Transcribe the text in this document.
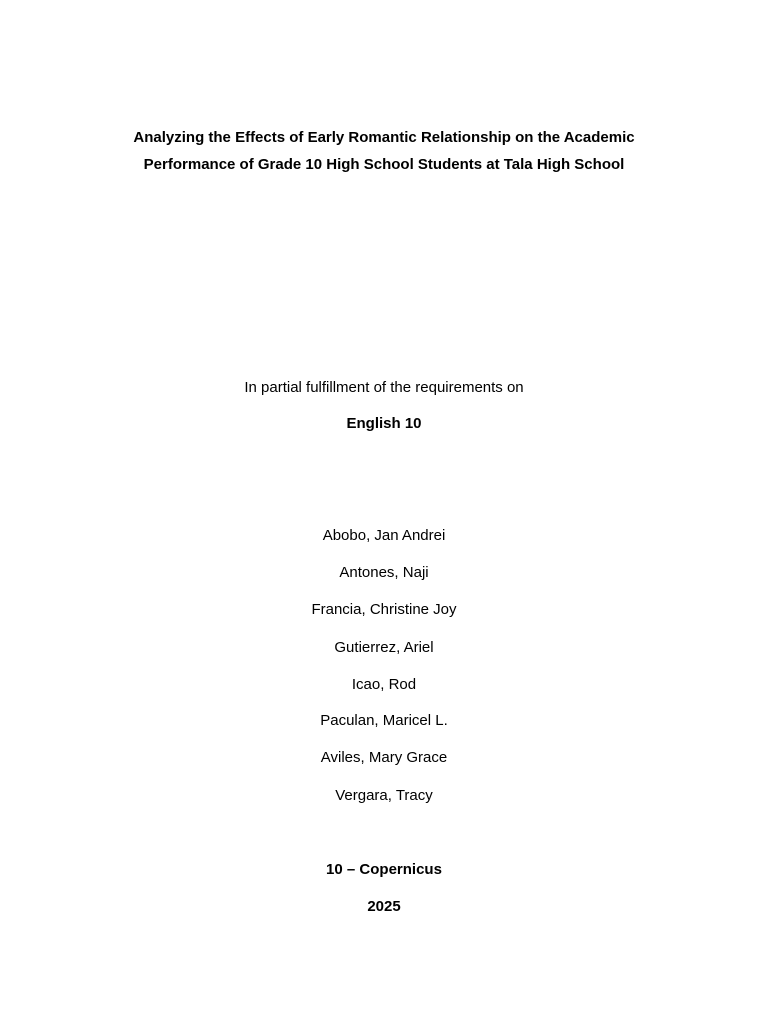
Analyzing the Effects of Early Romantic Relationship on the Academic
Performance of Grade 10 High School Students at Tala High School
In partial fulfillment of the requirements on
English 10
Abobo, Jan Andrei
Antones, Naji
Francia, Christine Joy
Gutierrez, Ariel
Icao, Rod
Paculan, Maricel L.
Aviles, Mary Grace
Vergara, Tracy
10 – Copernicus
2025
